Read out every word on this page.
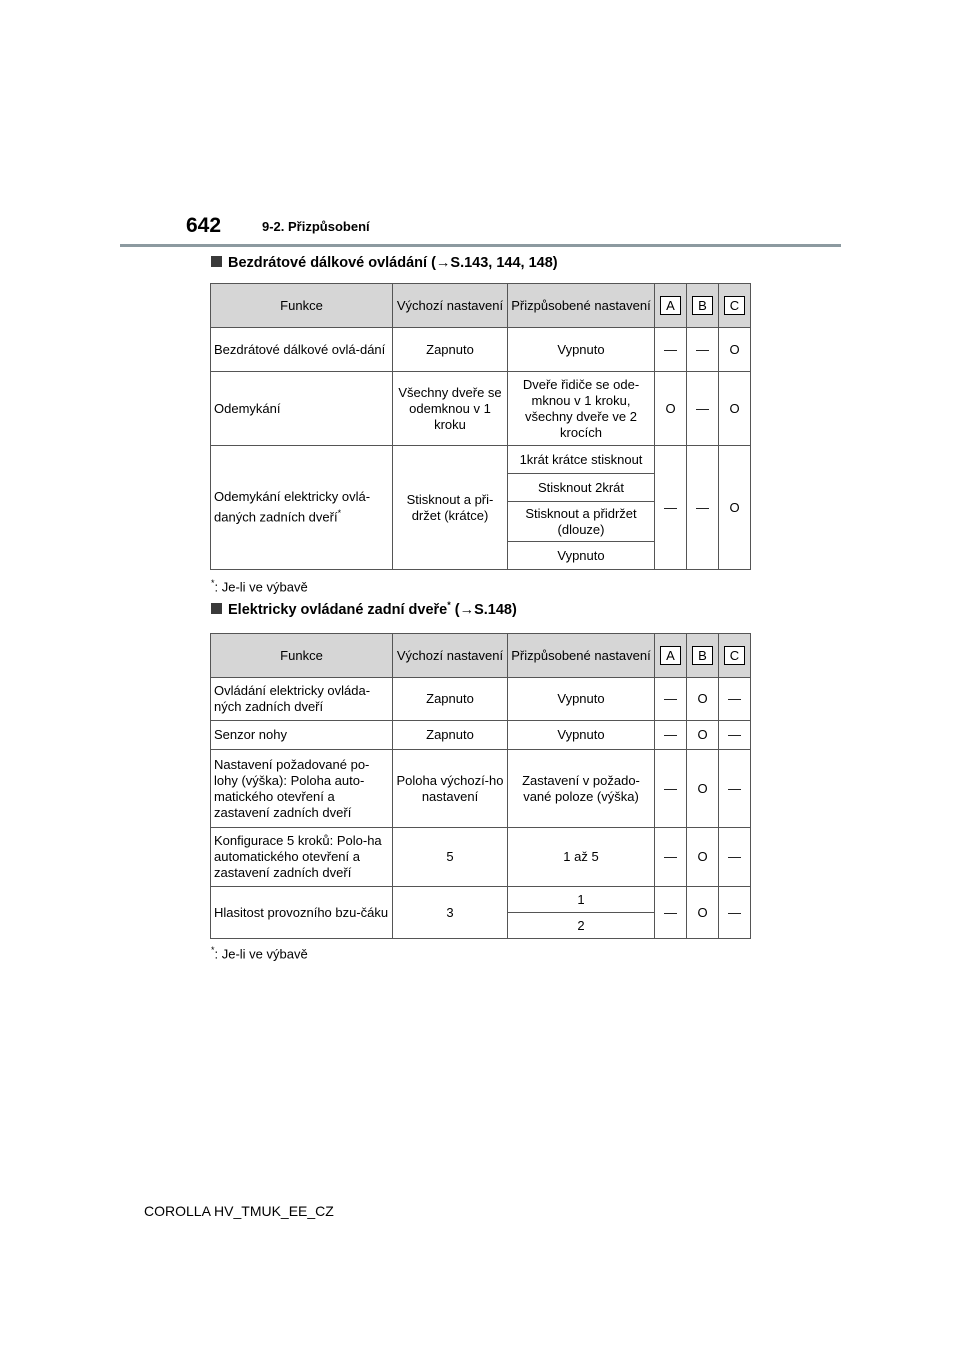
642	9-2. Přizpůsobení
Bezdrátové dálkové ovládání (→S.143, 144, 148)
Funkce	Výchozí nastavení	Přizpůsobené nastavení	A	B	C
Bezdrátové dálkové ovlá-dání	Zapnuto	Vypnuto	—	—	O
Odemykání	Všechny dveře se odemknou v 1 kroku	Dveře řidiče se ode-mknou v 1 kroku, všechny dveře ve 2 krocích	O	—	O
Odemykání elektricky ovlá-daných zadních dveří*	Stisknout a při-držet (krátce)	1krát krátce stisknout	—	—	O
		Stisknout 2krát			
		Stisknout a přidržet (dlouze)			
		Vypnuto			
*: Je-li ve výbavě
Elektricky ovládané zadní dveře* (→S.148)
Funkce	Výchozí nastavení	Přizpůsobené nastavení	A	B	C
Ovládání elektricky ovláda-ných zadních dveří	Zapnuto	Vypnuto	—	O	—
Senzor nohy	Zapnuto	Vypnuto	—	O	—
Nastavení požadované po-lohy (výška): Poloha auto-matického otevření a zastavení zadních dveří	Poloha výchozí-ho nastavení	Zastavení v požado-vané poloze (výška)	—	O	—
Konfigurace 5 kroků: Polo-ha automatického otevření a zastavení zadních dveří	5	1 až 5	—	O	—
Hlasitost provozního bzu-čáku	3	1	—	O	—
		2			
*: Je-li ve výbavě
COROLLA HV_TMUK_EE_CZ
